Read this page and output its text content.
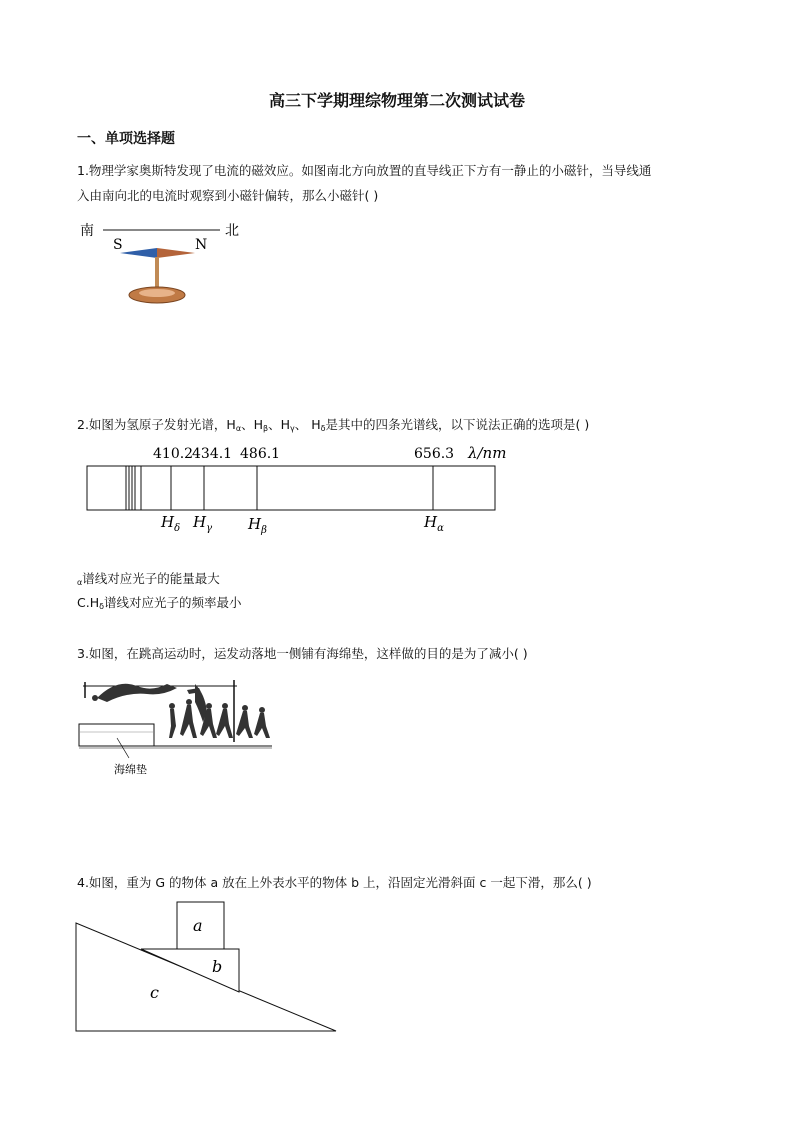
高三下学期理综物理第二次测试试卷
一、单项选择题
1.物理学家奥斯特发现了电流的磁效应。如图南北方向放置的直导线正下方有一静止的小磁针，当导线通
入由南向北的电流时观察到小磁针偏转，那么小磁针( )
南	北
S	N
2.如图为氢原子发射光谱，$H_\alpha$、$H_\beta$、$H_\gamma$、 $H_\delta$是其中的四条光谱线，以下说法正确的选项是( )
410.2
434.1 486.1	656.3 λ/nm
$H_\delta$ $H_\gamma$ $H_\beta$	$H_\alpha$
$_\alpha$谱线对应光子的能量最大
$C.H_\delta$谱线对应光子的频率最小
3.如图，在跳高运动时，运发动落地一侧铺有海绵垫，这样做的目的是为了减小( )
海绵垫
4.如图，重为 G 的物体 a 放在上外表水平的物体 b 上，沿固定光滑斜面 c 一起下滑，那么( )
a
b
c
